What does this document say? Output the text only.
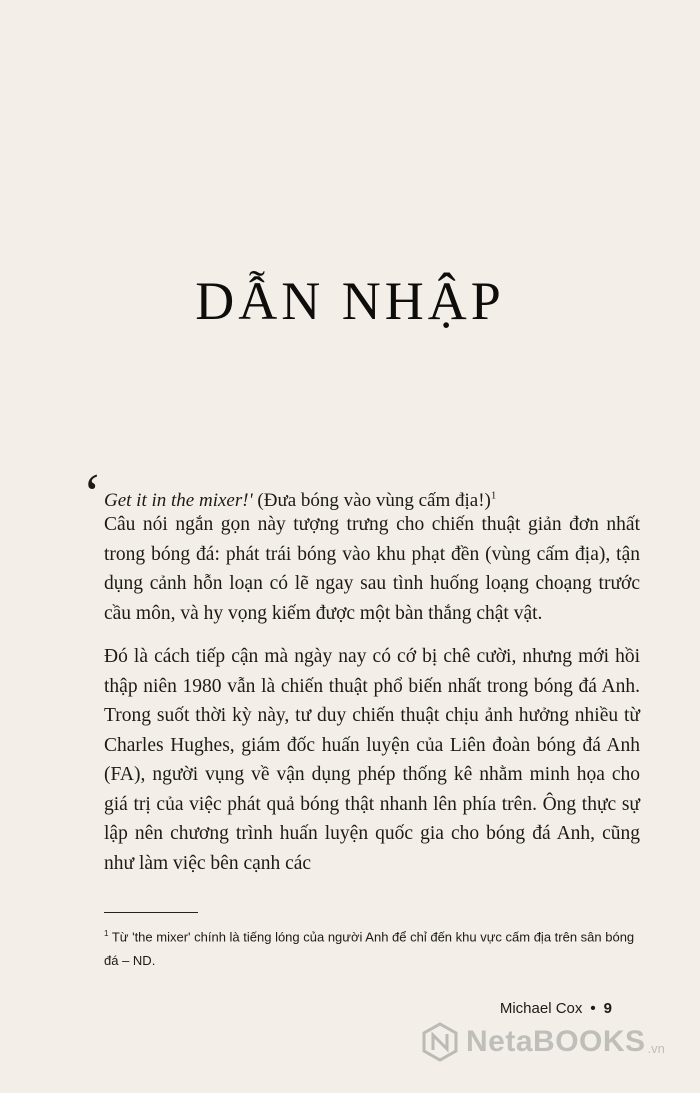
DẪN NHẬP
‘ Get it in the mixer!' (Đưa bóng vào vùng cấm địa!)$^1$

Câu nói ngắn gọn này tượng trưng cho chiến thuật giản đơn nhất trong bóng đá: phát trái bóng vào khu phạt đền (vùng cấm địa), tận dụng cảnh hỗn loạn có lẽ ngay sau tình huống loạng choạng trước cầu môn, và hy vọng kiếm được một bàn thắng chật vật.

Đó là cách tiếp cận mà ngày nay có cớ bị chê cười, nhưng mới hồi thập niên 1980 vẫn là chiến thuật phổ biến nhất trong bóng đá Anh. Trong suốt thời kỳ này, tư duy chiến thuật chịu ảnh hưởng nhiều từ Charles Hughes, giám đốc huấn luyện của Liên đoàn bóng đá Anh (FA), người vụng về vận dụng phép thống kê nhằm minh họa cho giá trị của việc phát quả bóng thật nhanh lên phía trên. Ông thực sự lập nên chương trình huấn luyện quốc gia cho bóng đá Anh, cũng như làm việc bên cạnh các

$^1$ Từ 'the mixer' chính là tiếng lóng của người Anh để chỉ đến khu vực cấm địa trên sân bóng đá – ND.
Michael Cox • 9
NetaBOOKS .vn
